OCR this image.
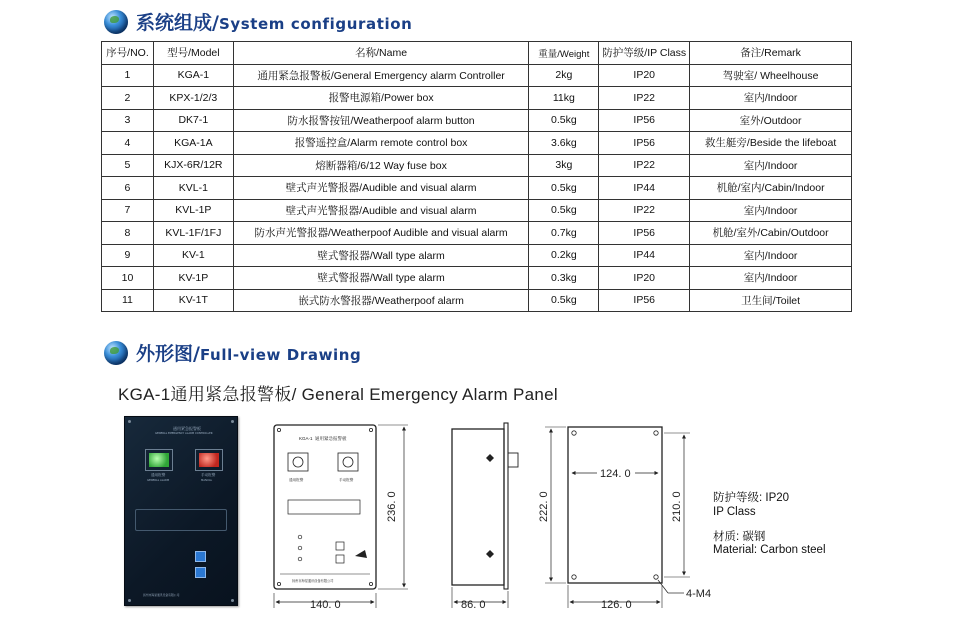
系统组成/System configuration
序号/NO.	型号/Model	名称/Name	重量/Weight	防护等级/IP Class	备注/Remark
1	KGA-1	通用紧急报警板/General Emergency alarm Controller	2kg	IP20	驾驶室/ Wheelhouse
2	KPX-1/2/3	报警电源箱/Power box	11kg	IP22	室内/Indoor
3	DK7-1	防水报警按钮/Weatherpoof alarm button	0.5kg	IP56	室外/Outdoor
4	KGA-1A	报警遥控盒/Alarm remote control box	3.6kg	IP56	救生艇旁/Beside the lifeboat
5	KJX-6R/12R	熔断器箱/6/12 Way fuse box	3kg	IP22	室内/Indoor
6	KVL-1	壁式声光警报器/Audible and visual alarm	0.5kg	IP44	机舱/室内/Cabin/Indoor
7	KVL-1P	壁式声光警报器/Audible and visual alarm	0.5kg	IP22	室内/Indoor
8	KVL-1F/1FJ	防水声光警报器/Weatherpoof Audible and visual alarm	0.7kg	IP56	机舱/室外/Cabin/Outdoor
9	KV-1	壁式警报器/Wall type alarm	0.2kg	IP44	室内/Indoor
10	KV-1P	壁式警报器/Wall type alarm	0.3kg	IP20	室内/Indoor
11	KV-1T	嵌式防水警报器/Weatherpoof alarm	0.5kg	IP56	卫生间/Toilet
外形图/Full-view Drawing
KGA-1通用紧急报警板/ General Emergency Alarm Panel
通用紧急报警板
GENERAL EMERGENCY ALARM CONTROLLER
通用报警
GENERAL ALARM
手动报警
MANUAL
扬州市海星通讯设备有限公司
KGA-1 通用紧急报警板
通用报警	手动报警
扬州市海星通讯设备有限公司
140. 0
236. 0
86. 0
124. 0
222. 0	210. 0
126. 0
4-M4
防护等级: IP20
IP Class
材质: 碳钢
Material: Carbon steel
